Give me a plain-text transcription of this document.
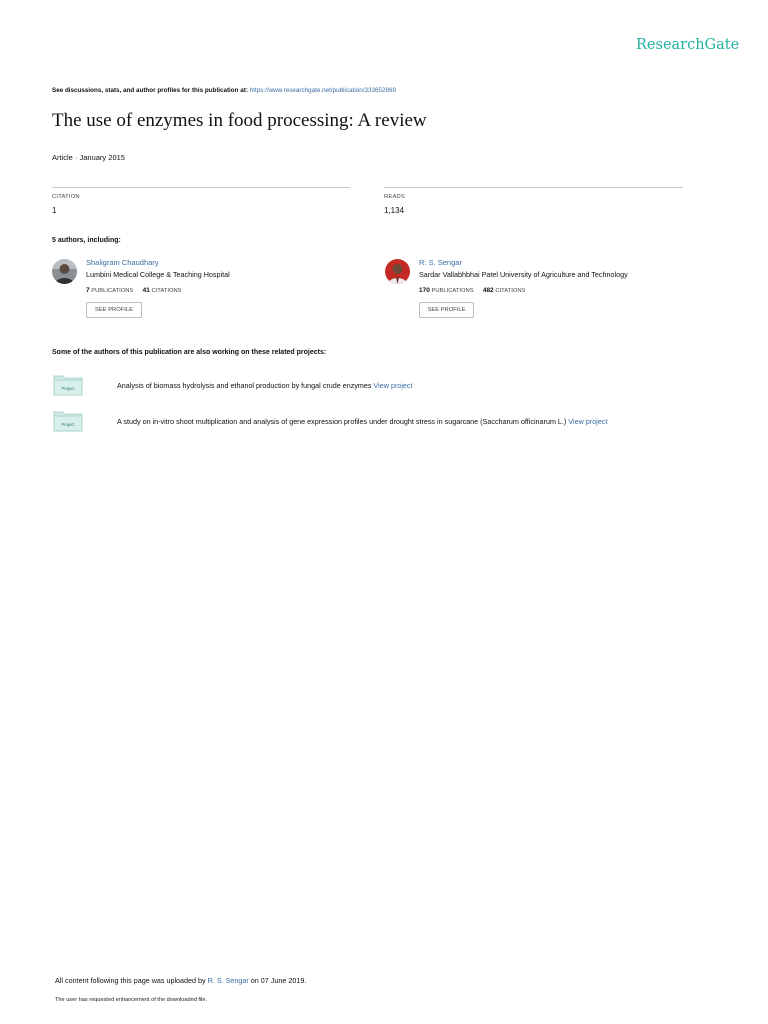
ResearchGate
See discussions, stats, and author profiles for this publication at: https://www.researchgate.net/publication/333652869
The use of enzymes in food processing: A review
Article · January 2015
CITATION
1
READS
1,134
5 authors, including:
Shaligram Chaudhary
Lumbini Medical College & Teaching Hospital
7 PUBLICATIONS 41 CITATIONS
SEE PROFILE
R. S. Sengar
Sardar Vallabhbhai Patel University of Agriculture and Technology
170 PUBLICATIONS 482 CITATIONS
SEE PROFILE
Some of the authors of this publication are also working on these related projects:
Project	Analysis of biomass hydrolysis and ethanol production by fungal crude enzymes View project
Project	A study on in-vitro shoot multiplication and analysis of gene expression profiles under drought stress in sugarcane (Saccharum officinarum L.) View project
All content following this page was uploaded by R. S. Sengar on 07 June 2019.
The user has requested enhancement of the downloaded file.
